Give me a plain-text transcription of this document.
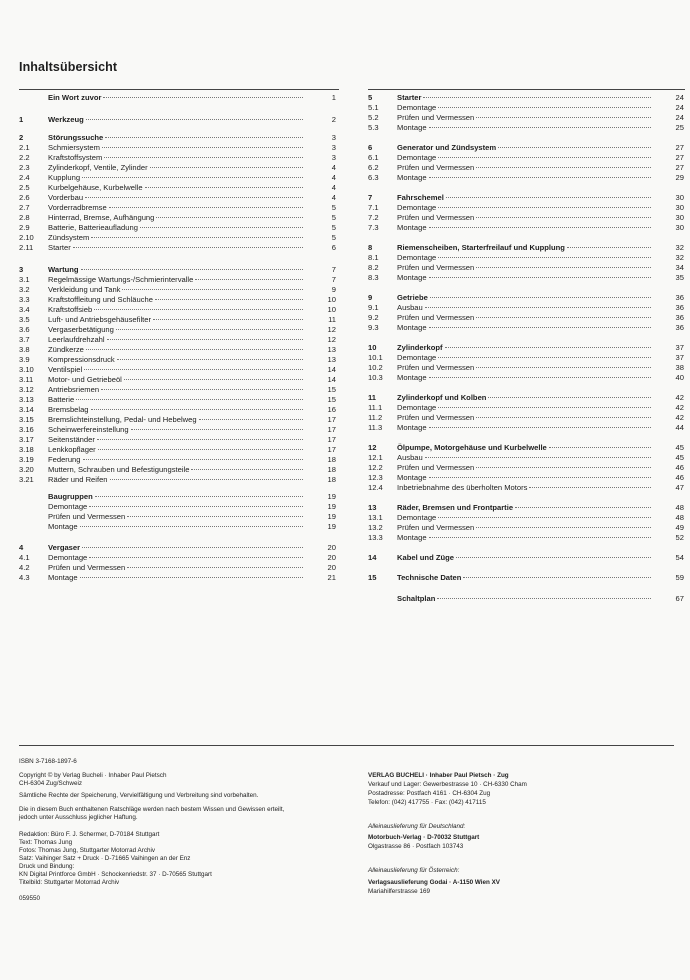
Inhaltsübersicht
Ein Wort zuvor	1
1	Werkzeug	2
2	Störungssuche	3
2.1 Schmiersystem	3
2.2 Kraftstoffsystem	3
2.3 Zylinderkopf, Ventile, Zylinder	4
2.4 Kupplung	4
2.5 Kurbelgehäuse, Kurbelwelle	4
2.6 Vorderbau	4
2.7 Vorderradbremse	5
2.8 Hinterrad, Bremse, Aufhängung	5
2.9 Batterie, Batterieaufladung	5
2.10 Zündsystem	5
2.11 Starter	6
3	Wartung	7
3.1 Regelmässige Wartungs-/Schmierintervalle	7
3.2 Verkleidung und Tank	9
3.3 Kraftstoffleitung und Schläuche	10
3.4 Kraftstoffsieb	10
3.5 Luft- und Antriebsgehäusefilter	11
3.6 Vergaserbetätigung	12
3.7 Leerlaufdrehzahl	12
3.8 Zündkerze	13
3.9 Kompressionsdruck	13
3.10 Ventilspiel	14
3.11 Motor- und Getriebeöl	14
3.12 Antriebsriemen	15
3.13 Batterie	15
3.14 Bremsbelag	16
3.15 Bremslichteinstellung, Pedal- und Hebelweg	17
3.16 Scheinwerfereinstellung	17
3.17 Seitenständer	17
3.18 Lenkkopflager	17
3.19 Federung	18
3.20 Muttern, Schrauben und Befestigungsteile	18
3.21 Räder und Reifen	18
Baugruppen	19
Demontage	19
Prüfen und Vermessen	19
Montage	19
4	Vergaser	20
4.1 Demontage	20
4.2 Prüfen und Vermessen	20
4.3 Montage	21
5	Starter	24
5.1 Demontage	24
5.2 Prüfen und Vermessen	24
5.3 Montage	25
6	Generator und Zündsystem	27
6.1 Demontage	27
6.2 Prüfen und Vermessen	27
6.3 Montage	29
7	Fahrschemel	30
7.1 Demontage	30
7.2 Prüfen und Vermessen	30
7.3 Montage	30
8	Riemenscheiben, Starterfreilauf und Kupplung	32
8.1 Demontage	32
8.2 Prüfen und Vermessen	34
8.3 Montage	35
9	Getriebe	36
9.1 Ausbau	36
9.2 Prüfen und Vermessen	36
9.3 Montage	36
10	Zylinderkopf	37
10.1 Demontage	37
10.2 Prüfen und Vermessen	38
10.3 Montage	40
11	Zylinderkopf und Kolben	42
11.1 Demontage	42
11.2 Prüfen und Vermessen	42
11.3 Montage	44
12	Ölpumpe, Motorgehäuse und Kurbelwelle	45
12.1 Ausbau	45
12.2 Prüfen und Vermessen	46
12.3 Montage	46
12.4 Inbetriebnahme des überholten Motors	47
13	Räder, Bremsen und Frontpartie	48
13.1 Demontage	48
13.2 Prüfen und Vermessen	49
13.3 Montage	52
14	Kabel und Züge	54
15	Technische Daten	59
Schaltplan	67
ISBN 3-7168-1897-6
Copyright © by Verlag Bucheli · Inhaber Paul Pietsch
CH-6304 Zug/Schweiz
Sämtliche Rechte der Speicherung, Vervielfältigung und Verbreitung sind vorbehalten.
Die in diesem Buch enthaltenen Ratschläge werden nach bestem Wissen und Gewissen erteilt,
jedoch unter Ausschluss jeglicher Haftung.
Redaktion: Büro F. J. Schermer, D-70184 Stuttgart
Text: Thomas Jung
Fotos: Thomas Jung, Stuttgarter Motorrad Archiv
Satz: Vaihinger Satz + Druck · D-71665 Vaihingen an der Enz
Druck und Bindung:
KN Digital Printforce GmbH · Schockenriedstr. 37 · D-70565 Stuttgart
Titelbild: Stuttgarter Motorrad Archiv
059550
VERLAG BUCHELI · Inhaber Paul Pietsch · Zug
Verkauf und Lager: Gewerbestrasse 10 · CH-6330 Cham
Postadresse: Postfach 4161 · CH-6304 Zug
Telefon: (042) 417755 · Fax: (042) 417115
Alleinauslieferung für Deutschland:
Motorbuch-Verlag · D-70032 Stuttgart
Olgastrasse 86 · Postfach 103743
Alleinauslieferung für Österreich:
Verlagsauslieferung Godai · A-1150 Wien XV
Mariahilferstrasse 169
